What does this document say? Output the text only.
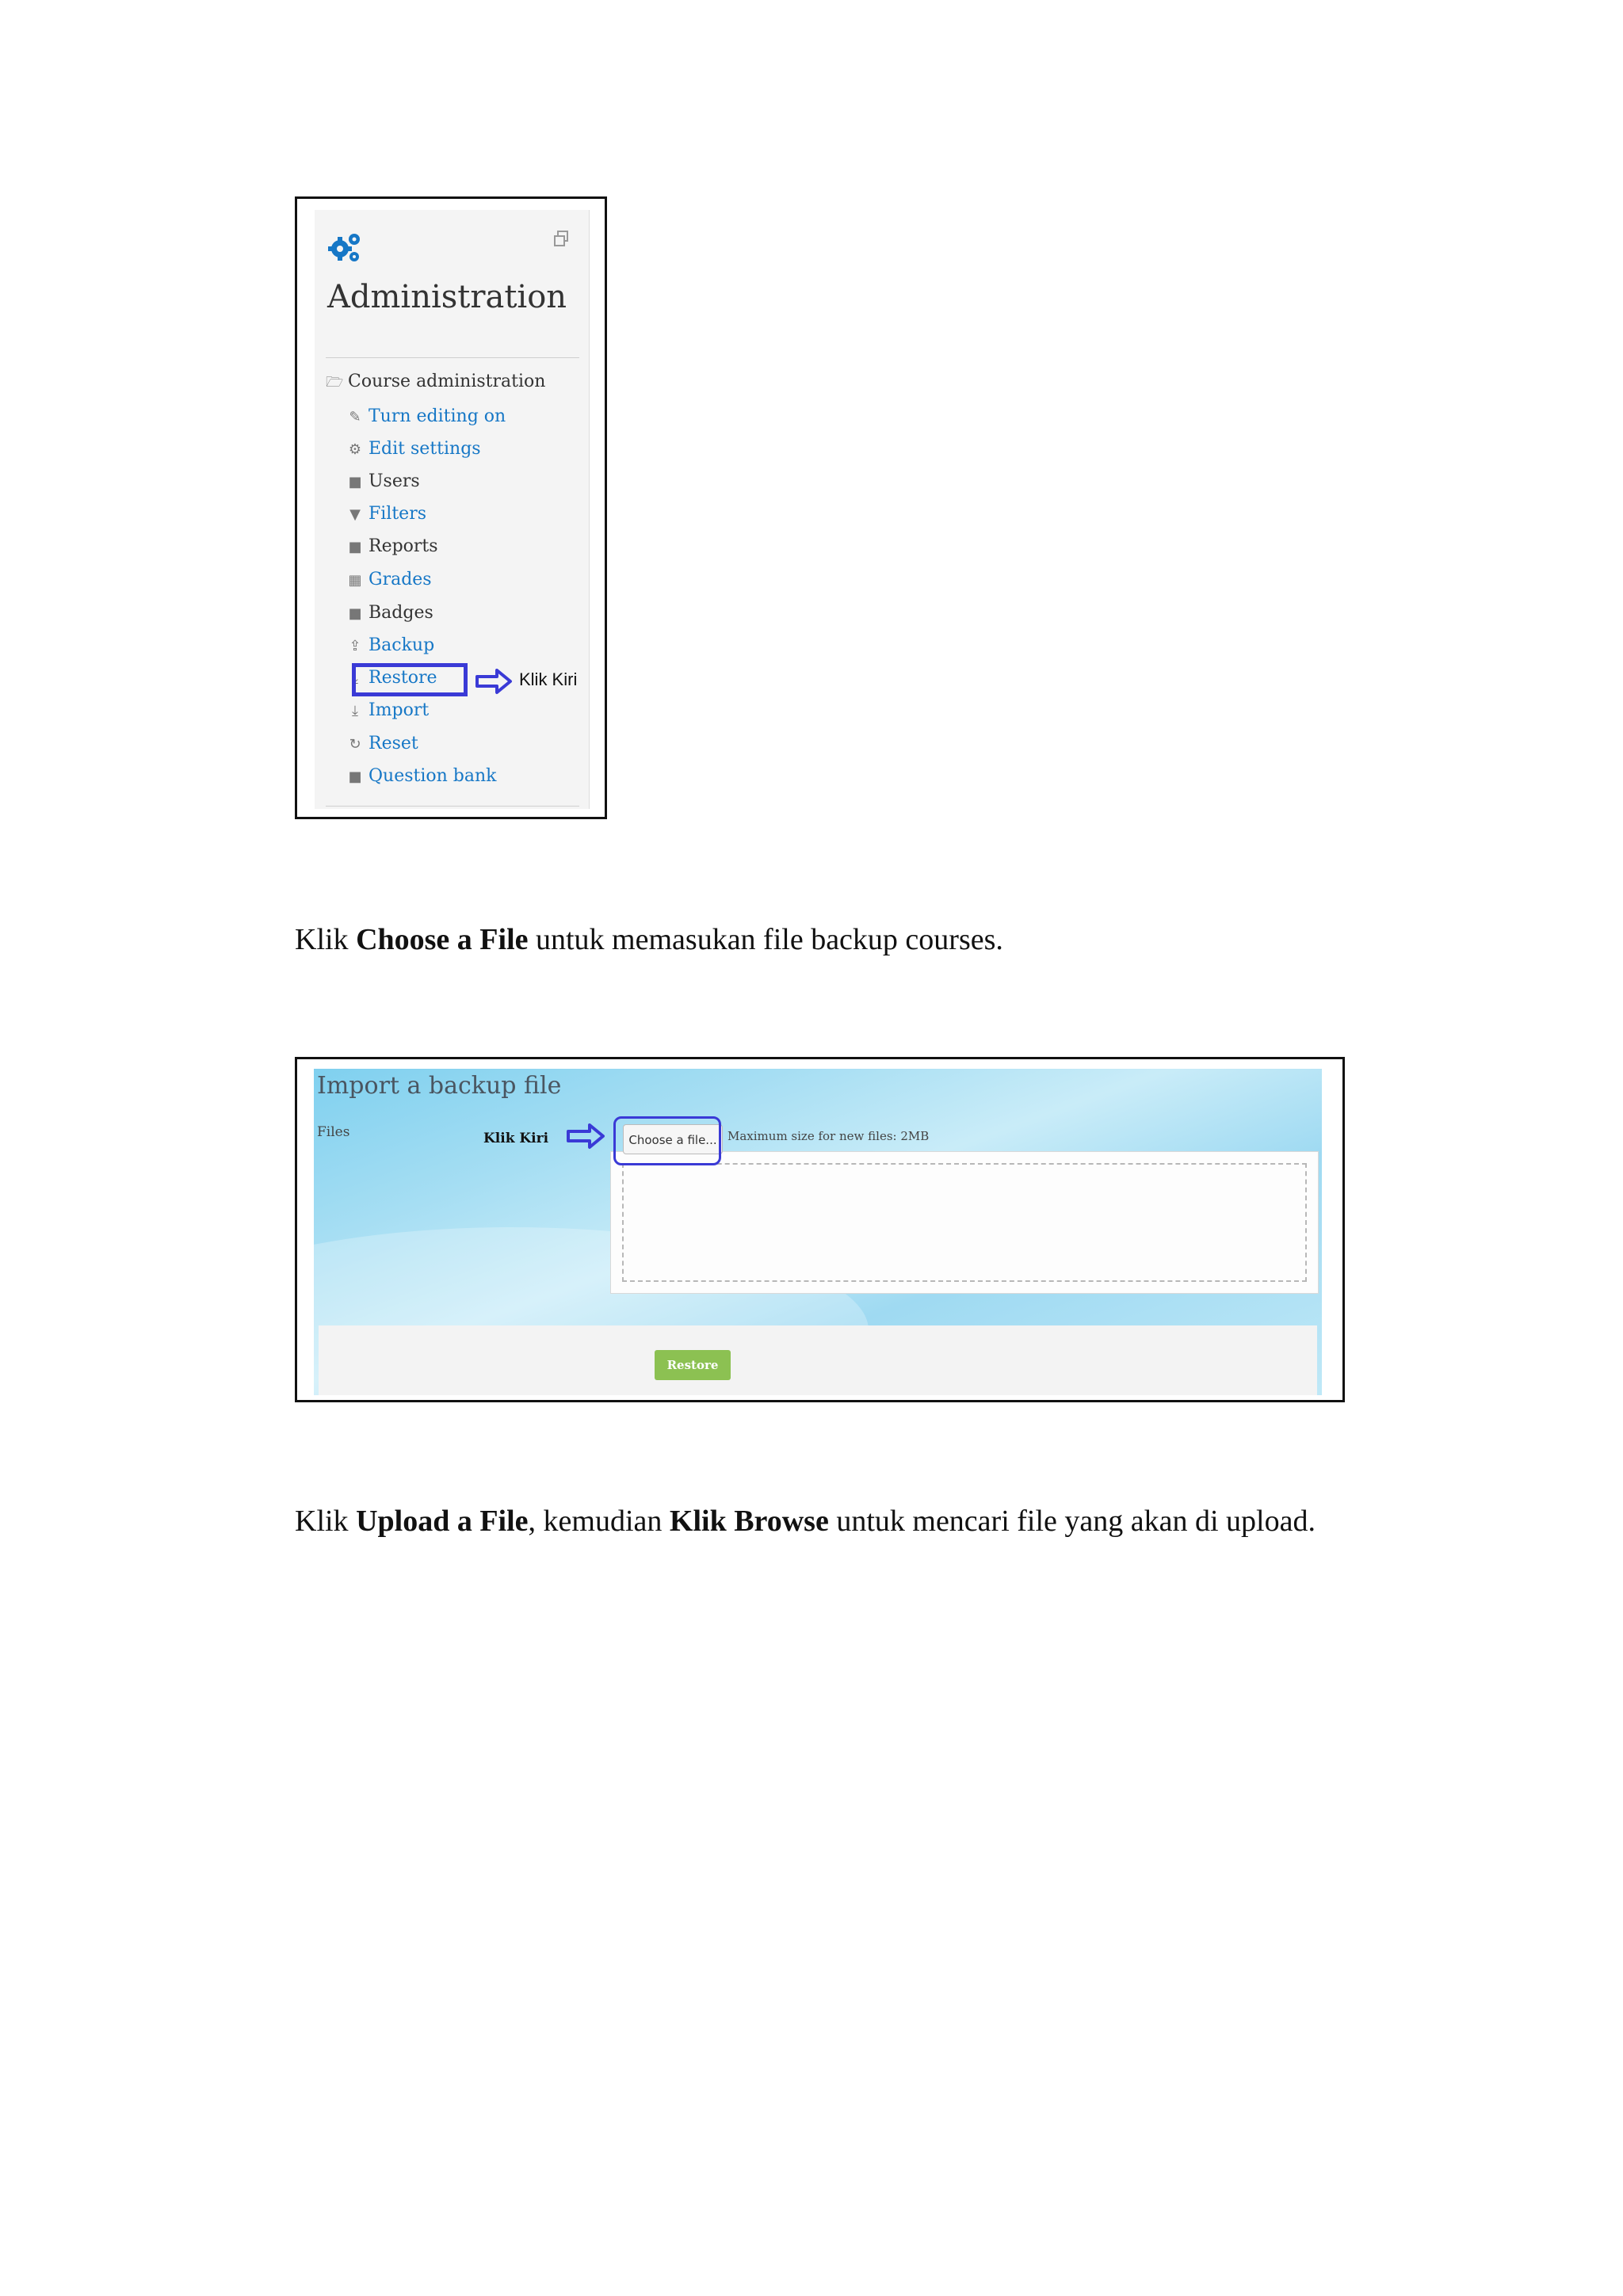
Administration
🗁 Course administration
✎ Turn editing on
⚙ Edit settings
■ Users
▼ Filters
■ Reports
▦ Grades
■ Badges
⇪ Backup
⤓ Restore
⤓ Import
↻ Reset
■ Question bank
Klik Kiri
Klik Choose a File untuk memasukan file backup courses.
Import a backup file
Files	Klik Kiri	Choose a file... Maximum size for new files: 2MB
Restore
Klik Upload a File, kemudian Klik Browse untuk mencari file yang akan di upload.
